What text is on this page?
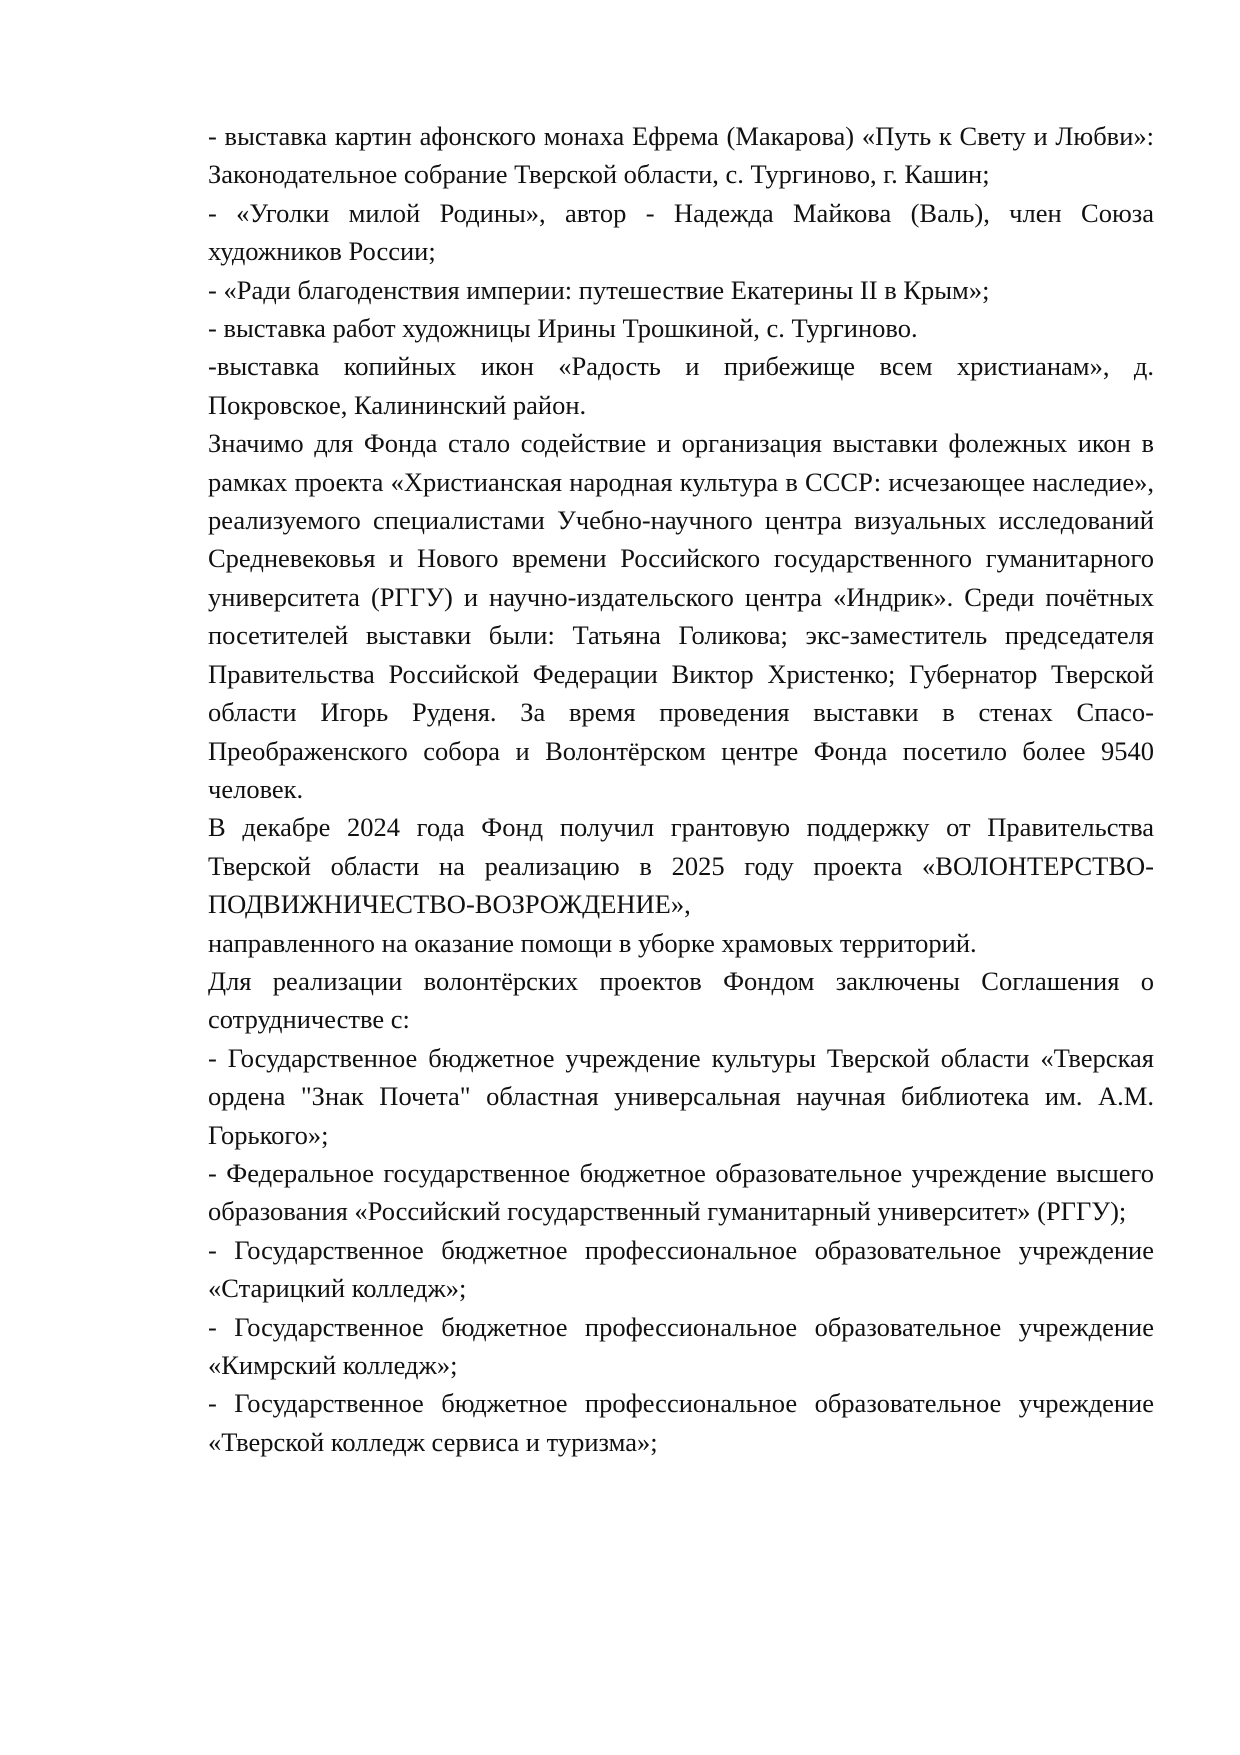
- выставка картин афонского монаха Ефрема (Макарова) «Путь к Свету и Любви»: Законодательное собрание Тверской области, с. Тургиново, г. Кашин;

- «Уголки милой Родины», автор - Надежда Майкова (Валь), член Союза художников России;

- «Ради благоденствия империи: путешествие Екатерины II в Крым»;

- выставка работ художницы Ирины Трошкиной, с. Тургиново.

-выставка копийных икон «Радость и прибежище всем христианам», д. Покровское, Калининский район.

Значимо для Фонда стало содействие и организация выставки фолежных икон в рамках проекта «Христианская народная культура в СССР: исчезающее наследие», реализуемого специалистами Учебно-научного центра визуальных исследований Средневековья и Нового времени Российского государственного гуманитарного университета (РГГУ) и научно-издательского центра «Индрик». Среди почётных посетителей выставки были: Татьяна Голикова; экс-заместитель председателя Правительства Российской Федерации Виктор Христенко; Губернатор Тверской области Игорь Руденя. За время проведения выставки в стенах Спасо-Преображенского собора и Волонтёрском центре Фонда посетило более 9540 человек.

В декабре 2024 года Фонд получил грантовую поддержку от Правительства Тверской области на реализацию в 2025 году проекта «ВОЛОНТЕРСТВО-ПОДВИЖНИЧЕСТВО-ВОЗРОЖДЕНИЕ»,

направленного на оказание помощи в уборке храмовых территорий.

Для реализации волонтёрских проектов Фондом заключены Соглашения о сотрудничестве с:

- Государственное бюджетное учреждение культуры Тверской области «Тверская ордена "Знак Почета" областная универсальная научная библиотека им. А.М. Горького»;

- Федеральное государственное бюджетное образовательное учреждение высшего образования «Российский государственный гуманитарный университет» (РГГУ);

- Государственное бюджетное профессиональное образовательное учреждение «Старицкий колледж»;

- Государственное бюджетное профессиональное образовательное учреждение «Кимрский колледж»;

- Государственное бюджетное профессиональное образовательное учреждение «Тверской колледж сервиса и туризма»;
